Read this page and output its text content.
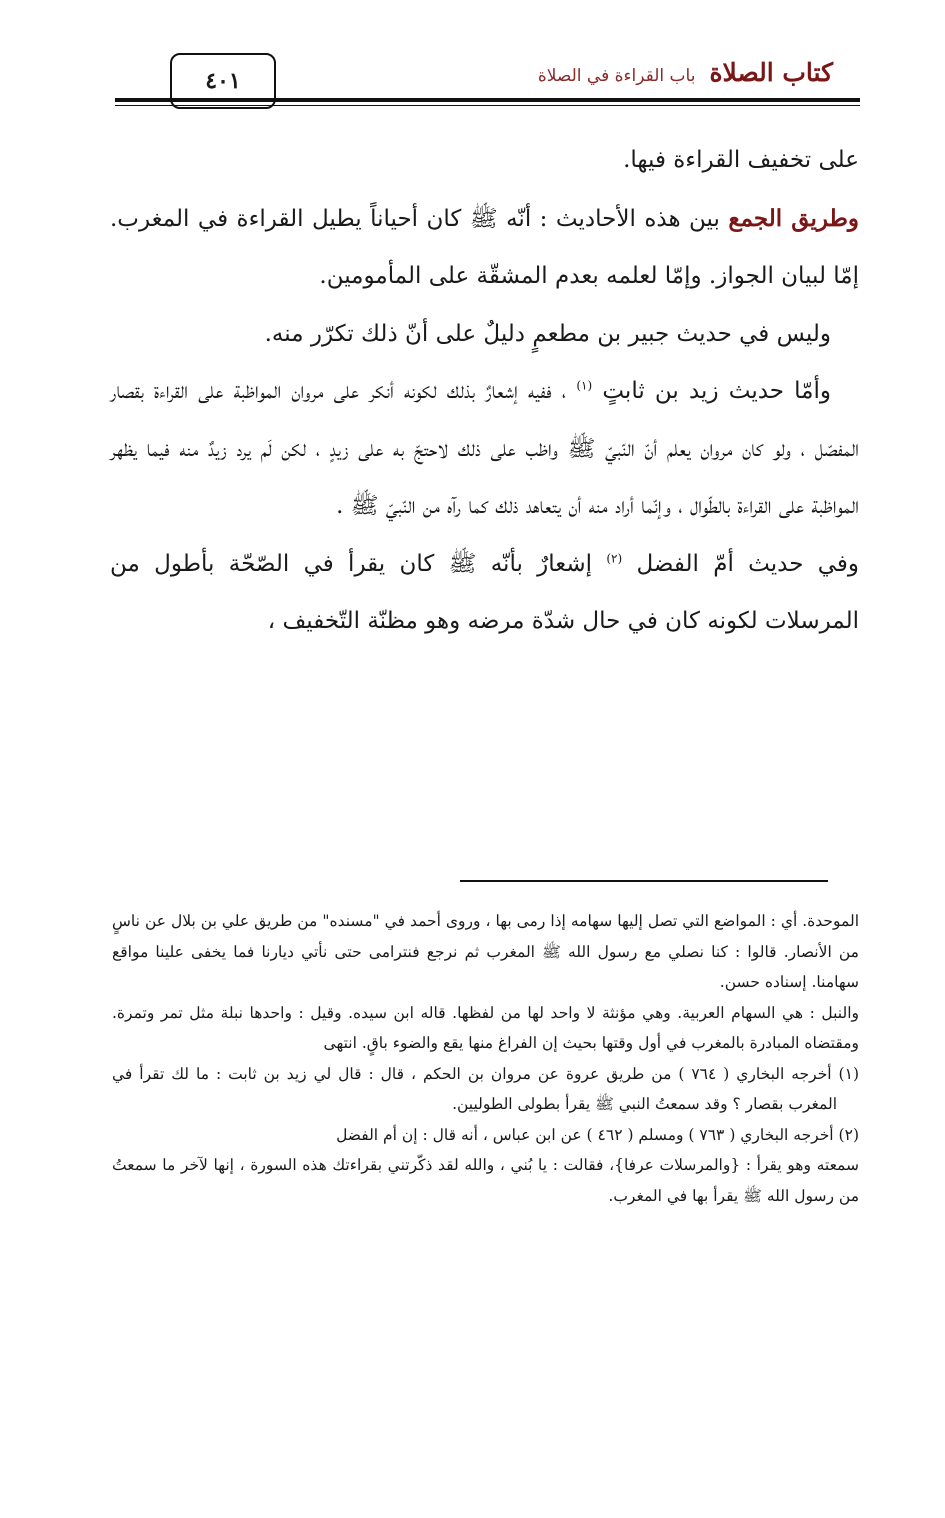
٤٠١	كتاب الصلاة
باب القراءة في الصلاة

على تخفيف القراءة فيها.

وطريق الجمع بين هذه الأحاديث : أنّه ﷺ كان أحياناً يطيل القراءة في المغرب. إمّا لبيان الجواز. وإمّا لعلمه بعدم المشقّة على المأمومين.

وليس في حديث جبير بن مطعمٍ دليلٌ على أنّ ذلك تكرّر منه.

وأمّا حديث زيد بن ثابتٍ $^{(١)}$ ، ففيه إشعارٌ بذلك لكونه أنكر على مروان المواظبة على القراءة بقصار المفصّل ، ولو كان مروان يعلم أنّ النّبيّ ﷺ واظب على ذلك لاحتجّ به على زيدٍ ، لكن لَم يرد زيدٌ منه فيما يظهر المواظبة على القراءة بالطّوال ، وإنّما أراد منه أن يتعاهد ذلك كما رآه من النّبيّ ﷺ .

وفي حديث أمّ الفضل $^{(٢)}$ إشعارٌ بأنّه ﷺ كان يقرأ في الصّحّة بأطول من المرسلات لكونه كان في حال شدّة مرضه وهو مظنّة التّخفيف ،

الموحدة. أي : المواضع التي تصل إليها سهامه إذا رمى بها ، وروى أحمد في "مسنده" من طريق علي بن بلال عن ناسٍ من الأنصار. قالوا : كنا نصلي مع رسول الله ﷺ المغرب ثم نرجع فنترامى حتى نأتي ديارنا فما يخفى علينا مواقع سهامنا. إسناده حسن.

والنبل : هي السهام العربية. وهي مؤنثة لا واحد لها من لفظها. قاله ابن سيده. وقيل : واحدها نبلة مثل تمر وتمرة. ومقتضاه المبادرة بالمغرب في أول وقتها بحيث إن الفراغ منها يقع والضوء باقٍ. انتهى

(١) أخرجه البخاري ( ٧٦٤ ) من طريق عروة عن مروان بن الحكم ، قال : قال لي زيد بن ثابت : ما لك تقرأ في المغرب بقصار ؟ وقد سمعتُ النبي ﷺ يقرأ بطولى الطوليين.

(٢) أخرجه البخاري ( ٧٦٣ ) ومسلم ( ٤٦٢ ) عن ابن عباس ، أنه قال : إن أم الفضل

سمعته وهو يقرأ : {والمرسلات عرفا}، فقالت : يا بُني ، والله لقد ذكّرتني بقراءتك هذه السورة ، إنها لآخر ما سمعتُ من رسول الله ﷺ يقرأ بها في المغرب.
